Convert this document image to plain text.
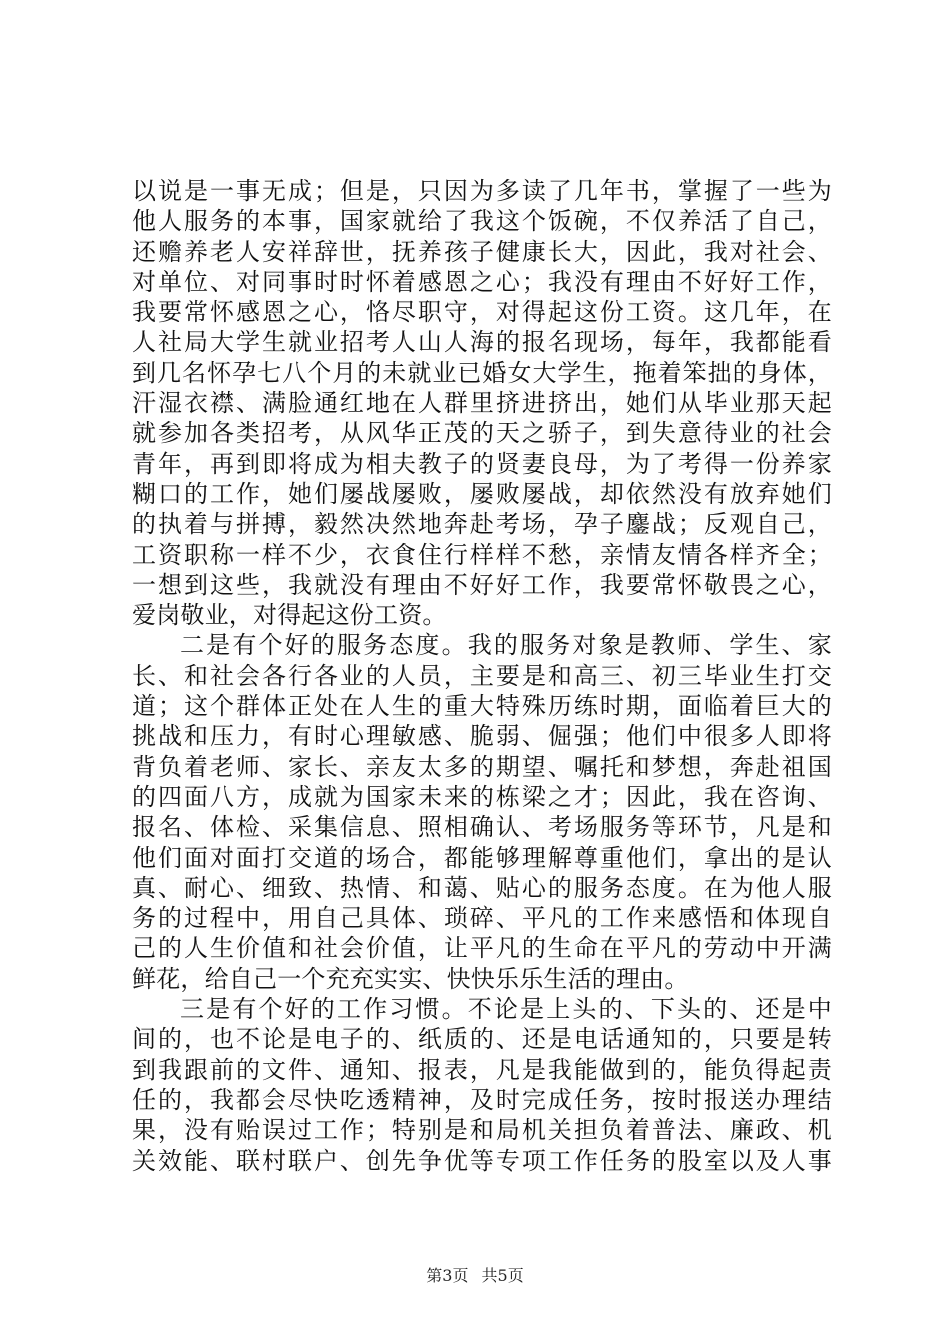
以说是一事无成；但是，只因为多读了几年书，掌握了一些为
他人服务的本事，国家就给了我这个饭碗，不仅养活了自己，
还赡养老人安祥辞世，抚养孩子健康长大，因此，我对社会、
对单位、对同事时时怀着感恩之心；我没有理由不好好工作，
我要常怀感恩之心，恪尽职守，对得起这份工资。这几年，在
人社局大学生就业招考人山人海的报名现场，每年，我都能看
到几名怀孕七八个月的未就业已婚女大学生，拖着笨拙的身体，
汗湿衣襟、满脸通红地在人群里挤进挤出，她们从毕业那天起
就参加各类招考，从风华正茂的天之骄子，到失意待业的社会
青年，再到即将成为相夫教子的贤妻良母，为了考得一份养家
糊口的工作，她们屡战屡败，屡败屡战，却依然没有放弃她们
的执着与拼搏，毅然决然地奔赴考场，孕子鏖战；反观自己，
工资职称一样不少，衣食住行样样不愁，亲情友情各样齐全；
一想到这些，我就没有理由不好好工作，我要常怀敬畏之心，
爱岗敬业，对得起这份工资。
二是有个好的服务态度。我的服务对象是教师、学生、家
长、和社会各行各业的人员，主要是和高三、初三毕业生打交
道；这个群体正处在人生的重大特殊历练时期，面临着巨大的
挑战和压力，有时心理敏感、脆弱、倔强；他们中很多人即将
背负着老师、家长、亲友太多的期望、嘱托和梦想，奔赴祖国
的四面八方，成就为国家未来的栋梁之才；因此，我在咨询、
报名、体检、采集信息、照相确认、考场服务等环节，凡是和
他们面对面打交道的场合，都能够理解尊重他们，拿出的是认
真、耐心、细致、热情、和蔼、贴心的服务态度。在为他人服
务的过程中，用自己具体、琐碎、平凡的工作来感悟和体现自
己的人生价值和社会价值，让平凡的生命在平凡的劳动中开满
鲜花，给自己一个充充实实、快快乐乐生活的理由。
三是有个好的工作习惯。不论是上头的、下头的、还是中
间的，也不论是电子的、纸质的、还是电话通知的，只要是转
到我跟前的文件、通知、报表，凡是我能做到的，能负得起责
任的，我都会尽快吃透精神，及时完成任务，按时报送办理结
果，没有贻误过工作；特别是和局机关担负着普法、廉政、机
关效能、联村联户、创先争优等专项工作任务的股室以及人事
第3页 共5页
